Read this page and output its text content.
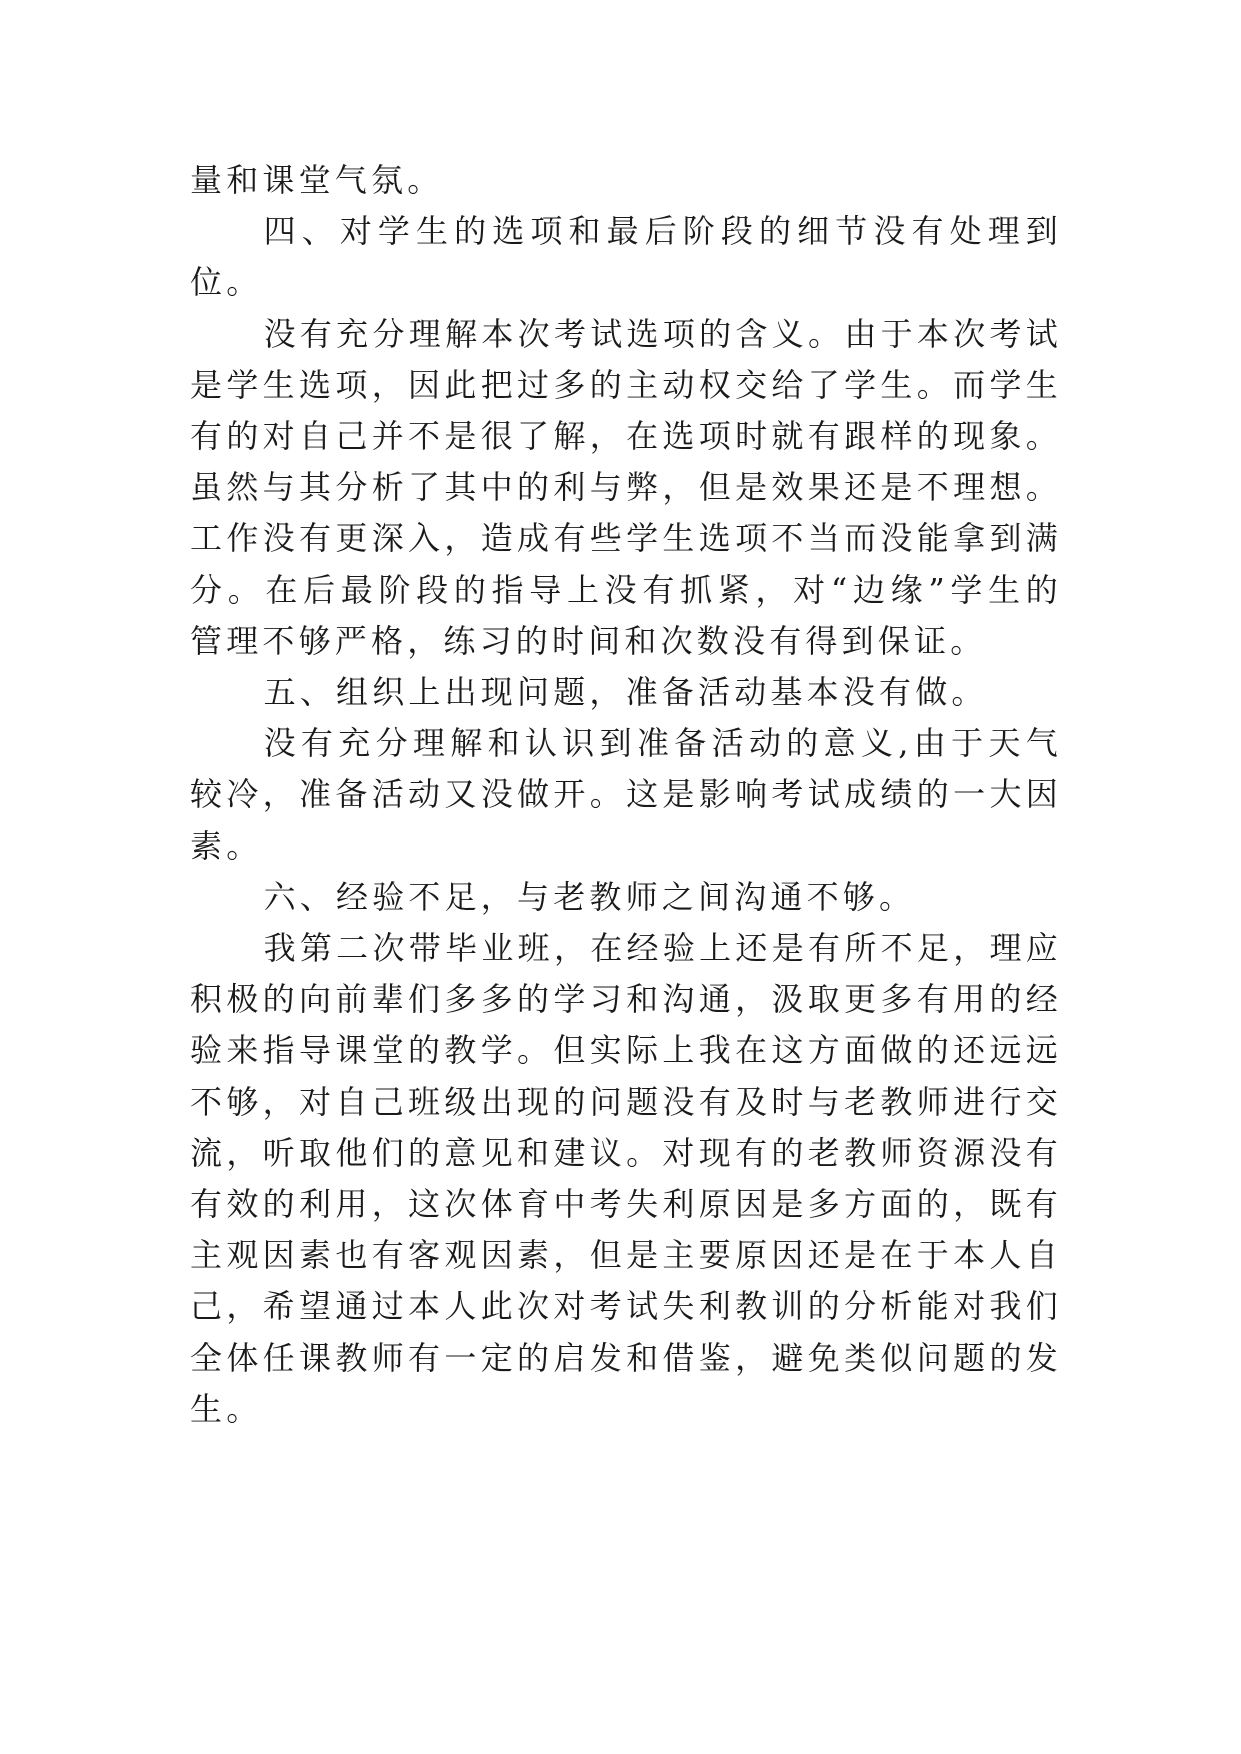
量和课堂气氛。

四、对学生的选项和最后阶段的细节没有处理到位。

没有充分理解本次考试选项的含义。由于本次考试是学生选项，因此把过多的主动权交给了学生。而学生有的对自己并不是很了解，在选项时就有跟样的现象。虽然与其分析了其中的利与弊，但是效果还是不理想。工作没有更深入，造成有些学生选项不当而没能拿到满分。在后最阶段的指导上没有抓紧，对“边缘”学生的管理不够严格，练习的时间和次数没有得到保证。

五、组织上出现问题，准备活动基本没有做。

没有充分理解和认识到准备活动的意义,由于天气较冷，准备活动又没做开。这是影响考试成绩的一大因素。

六、经验不足，与老教师之间沟通不够。

我第二次带毕业班，在经验上还是有所不足，理应积极的向前辈们多多的学习和沟通，汲取更多有用的经验来指导课堂的教学。但实际上我在这方面做的还远远不够，对自己班级出现的问题没有及时与老教师进行交流，听取他们的意见和建议。对现有的老教师资源没有有效的利用，这次体育中考失利原因是多方面的，既有主观因素也有客观因素，但是主要原因还是在于本人自己，希望通过本人此次对考试失利教训的分析能对我们全体任课教师有一定的启发和借鉴，避免类似问题的发生。
